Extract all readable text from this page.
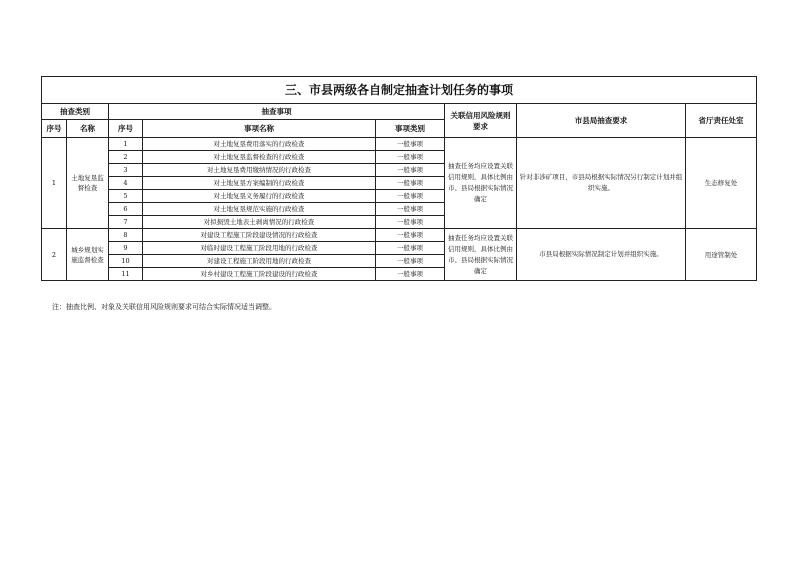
三、市县两级各自制定抽查计划任务的事项							
抽查类别		抽查事项			关联信用风险规则要求	市县局抽查要求	省厅责任处室
序号	名称	序号	事项名称	事项类别			
1	土地复垦监督检查	1	对土地复垦费用落实的行政检查	一般事项	抽查任务均应设置关联信用规则，具体比例由市、县局根据实际情况确定	针对非涉矿项目，市县局根据实际情况另行制定计划并组织实施。	生态修复处
		2	对土地复垦监督检查的行政检查	一般事项			
		3	对土地复垦费用缴纳情况的行政检查	一般事项			
		4	对土地复垦方案编制的行政检查	一般事项			
		5	对土地复垦义务履行的行政检查	一般事项			
		6	对土地复垦规范实施的行政检查	一般事项			
		7	对拟损毁土地表土剥离情况的行政检查	一般事项			
2	城乡规划实施监督检查	8	对建设工程施工阶段建设情况的行政检查	一般事项	抽查任务均应设置关联信用规则，具体比例由市、县局根据实际情况确定	市县局根据实际情况制定计划并组织实施。	用途管制处
		9	对临时建设工程施工阶段用地的行政检查	一般事项			
		10	对建设工程施工阶段用地的行政检查	一般事项			
		11	对乡村建设工程施工阶段建设的行政检查	一般事项			
注：抽查比例、对象及关联信用风险规则要求可结合实际情况适当调整。
